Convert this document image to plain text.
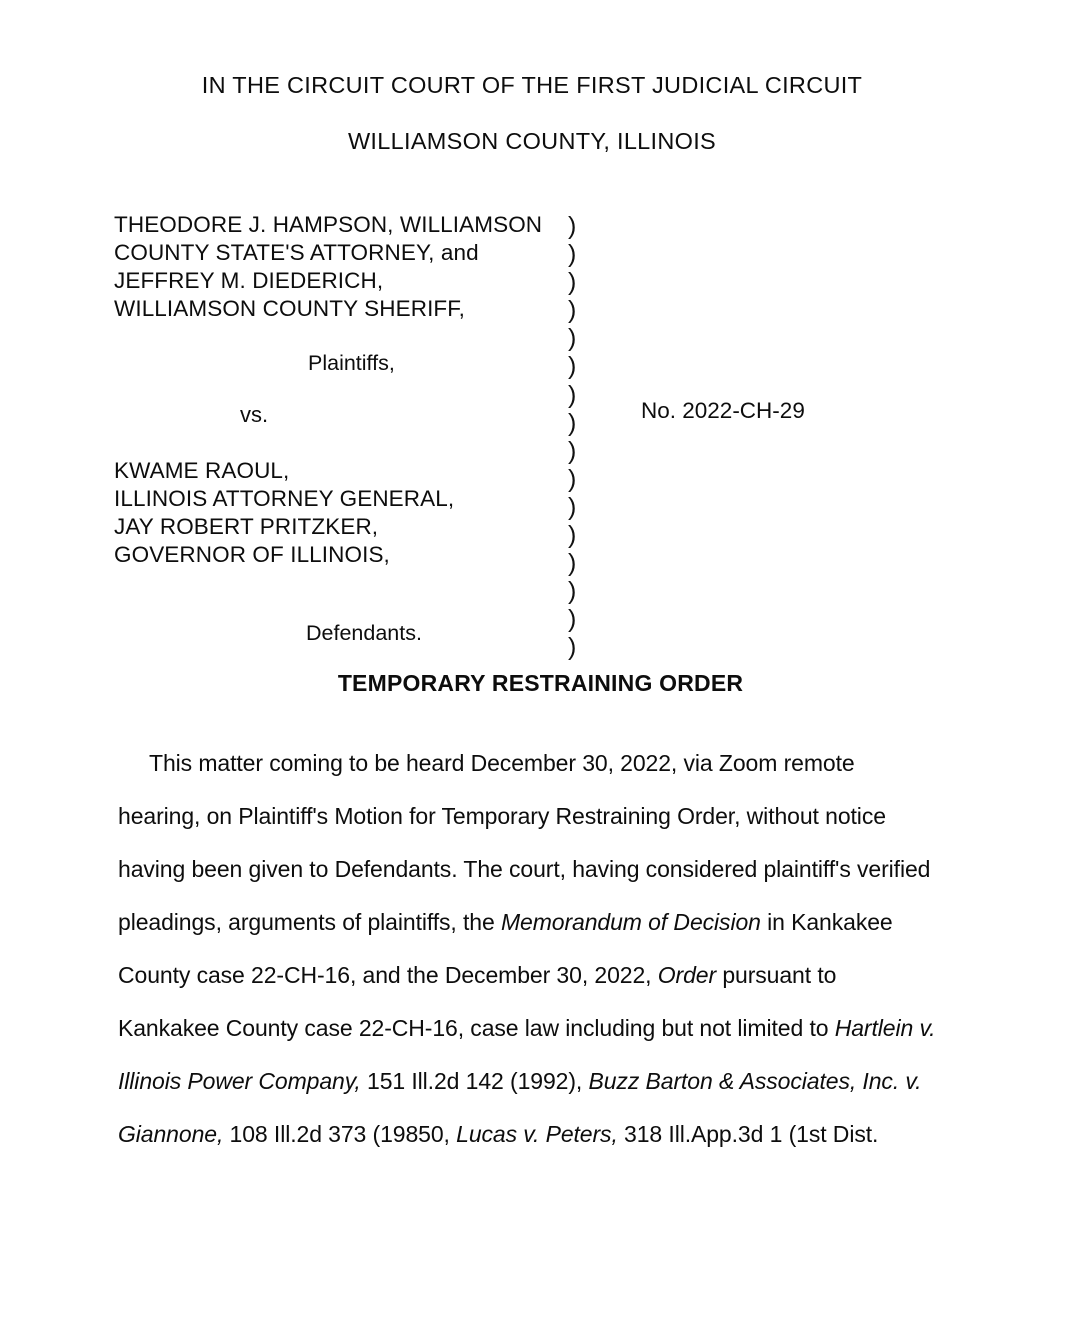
IN THE CIRCUIT COURT OF THE FIRST JUDICIAL CIRCUIT
WILLIAMSON COUNTY, ILLINOIS
THEODORE J. HAMPSON, WILLIAMSON
COUNTY STATE'S ATTORNEY, and
JEFFREY M. DIEDERICH,
WILLIAMSON COUNTY SHERIFF,
Plaintiffs,
vs.
KWAME RAOUL,
ILLINOIS ATTORNEY GENERAL,
JAY ROBERT PRITZKER,
GOVERNOR OF ILLINOIS,
Defendants.
)
)
)
)
)
)
)
)
)
)
)
)
)
)
)
)
No. 2022-CH-29
TEMPORARY RESTRAINING ORDER
This matter coming to be heard December 30, 2022, via Zoom remote
hearing, on Plaintiff's Motion for Temporary Restraining Order, without notice
having been given to Defendants. The court, having considered plaintiff's verified
pleadings, arguments of plaintiffs, the Memorandum of Decision in Kankakee
County case 22-CH-16, and the December 30, 2022, Order pursuant to
Kankakee County case 22-CH-16, case law including but not limited to Hartlein v.
Illinois Power Company, 151 Ill.2d 142 (1992), Buzz Barton & Associates, Inc. v.
Giannone, 108 Ill.2d 373 (19850, Lucas v. Peters, 318 Ill.App.3d 1 (1st Dist.
